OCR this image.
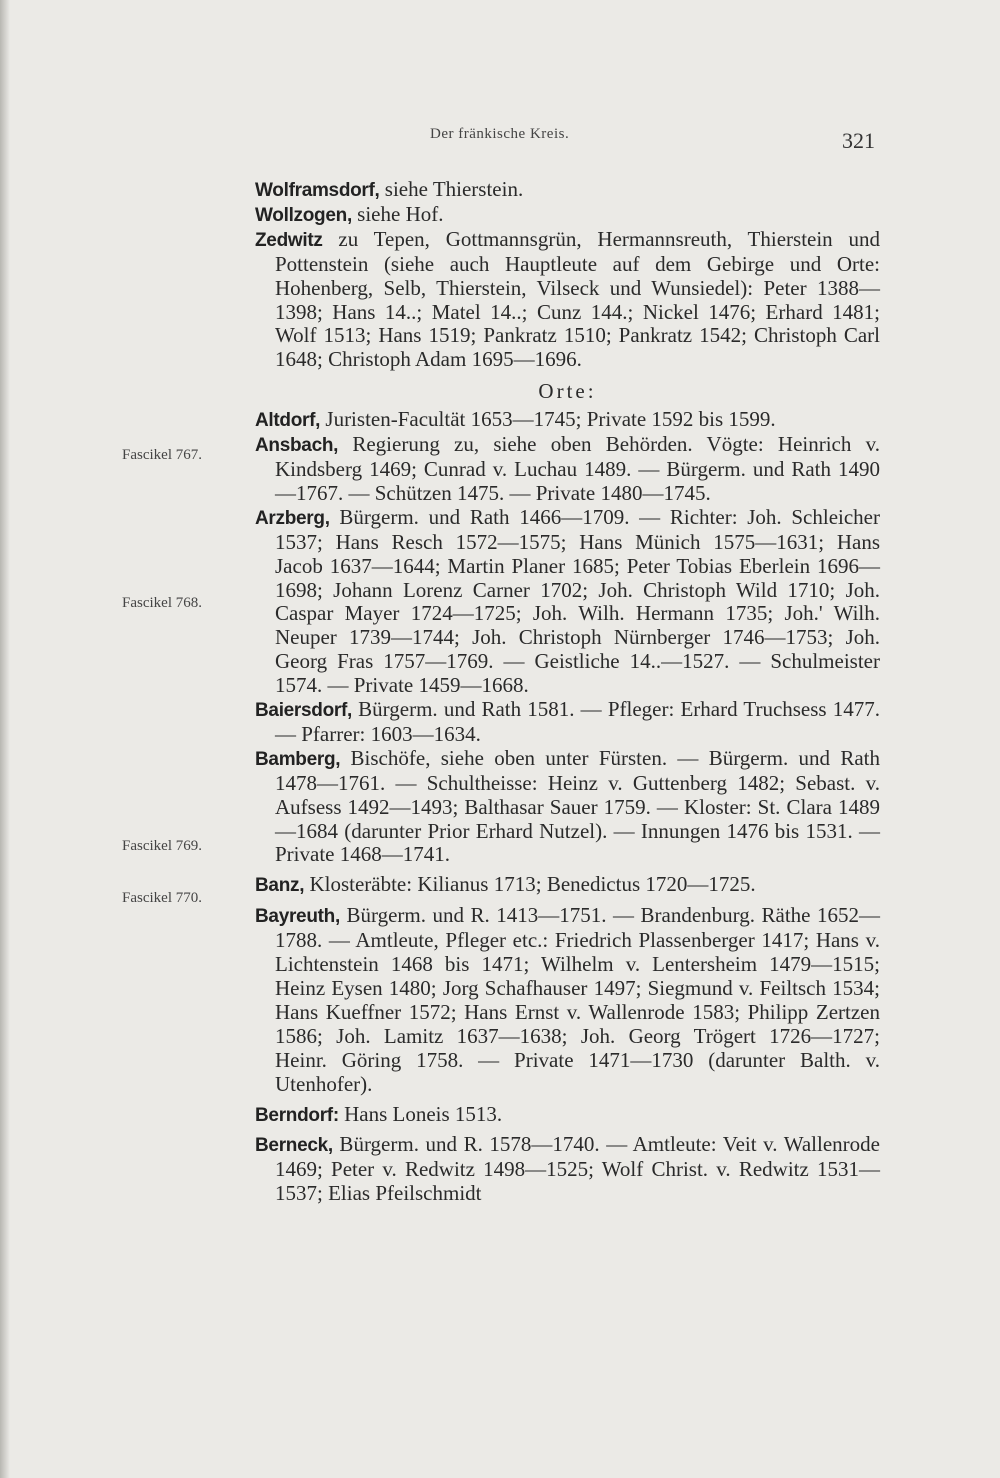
Der fränkische Kreis.	321
Fascikel 767.
Fascikel 768.
Fascikel 769.
Fascikel 770.

Wolframsdorf, siehe Thierstein.

Wollzogen, siehe Hof.

Zedwitz zu Tepen, Gottmannsgrün, Hermannsreuth, Thierstein und Pottenstein (siehe auch Hauptleute auf dem Gebirge und Orte: Hohenberg, Selb, Thierstein, Vilseck und Wunsiedel): Peter 1388—1398; Hans 14..; Matel 14..; Cunz 144.; Nickel 1476; Erhard 1481; Wolf 1513; Hans 1519; Pankratz 1510; Pankratz 1542; Christoph Carl 1648; Christoph Adam 1695—1696.

Orte:

Altdorf, Juristen-Facultät 1653—1745; Private 1592 bis 1599.

Ansbach, Regierung zu, siehe oben Behörden. Vögte: Heinrich v. Kindsberg 1469; Cunrad v. Luchau 1489. — Bürgerm. und Rath 1490—1767. — Schützen 1475. — Private 1480—1745.

Arzberg, Bürgerm. und Rath 1466—1709. — Richter: Joh. Schleicher 1537; Hans Resch 1572—1575; Hans Münich 1575—1631; Hans Jacob 1637—1644; Martin Planer 1685; Peter Tobias Eberlein 1696—1698; Johann Lorenz Carner 1702; Joh. Christoph Wild 1710; Joh. Caspar Mayer 1724—1725; Joh. Wilh. Hermann 1735; Joh.' Wilh. Neuper 1739—1744; Joh. Christoph Nürnberger 1746—1753; Joh. Georg Fras 1757—1769. — Geistliche 14..—1527. — Schulmeister 1574. — Private 1459—1668.

Baiersdorf, Bürgerm. und Rath 1581. — Pfleger: Erhard Truchsess 1477. — Pfarrer: 1603—1634.

Bamberg, Bischöfe, siehe oben unter Fürsten. — Bürgerm. und Rath 1478—1761. — Schultheisse: Heinz v. Guttenberg 1482; Sebast. v. Aufsess 1492—1493; Balthasar Sauer 1759. — Kloster: St. Clara 1489—1684 (darunter Prior Erhard Nutzel). — Innungen 1476 bis 1531. — Private 1468—1741.

Banz, Klosteräbte: Kilianus 1713; Benedictus 1720—1725.

Bayreuth, Bürgerm. und R. 1413—1751. — Brandenburg. Räthe 1652—1788. — Amtleute, Pfleger etc.: Friedrich Plassenberger 1417; Hans v. Lichtenstein 1468 bis 1471; Wilhelm v. Lentersheim 1479—1515; Heinz Eysen 1480; Jorg Schafhauser 1497; Siegmund v. Feiltsch 1534; Hans Kueffner 1572; Hans Ernst v. Wallenrode 1583; Philipp Zertzen 1586; Joh. Lamitz 1637—1638; Joh. Georg Trögert 1726—1727; Heinr. Göring 1758. — Private 1471—1730 (darunter Balth. v. Utenhofer).

Berndorf: Hans Loneis 1513.

Berneck, Bürgerm. und R. 1578—1740. — Amtleute: Veit v. Wallenrode 1469; Peter v. Redwitz 1498—1525; Wolf Christ. v. Redwitz 1531—1537; Elias Pfeilschmidt
